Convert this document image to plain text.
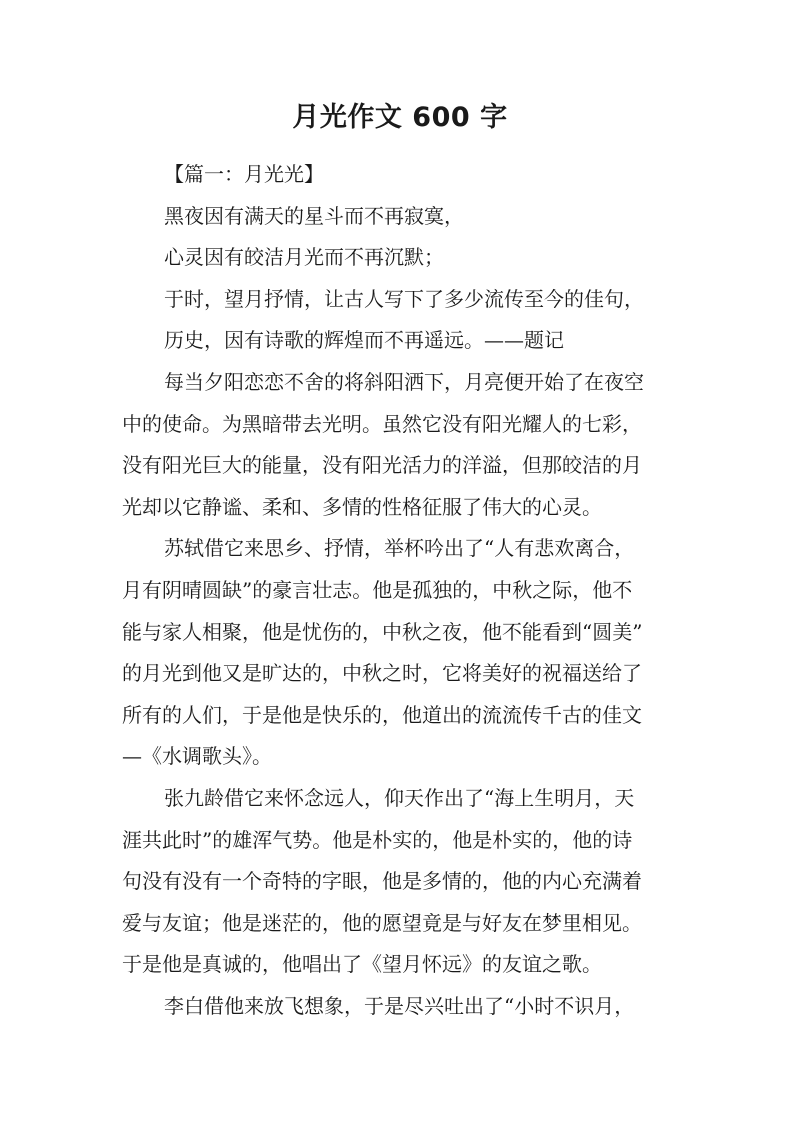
月光作文 600 字
【篇一：月光光】
黑夜因有满天的星斗而不再寂寞，
心灵因有皎洁月光而不再沉默；
于时，望月抒情，让古人写下了多少流传至今的佳句，
历史，因有诗歌的辉煌而不再遥远。——题记
每当夕阳恋恋不舍的将斜阳洒下，月亮便开始了在夜空
中的使命。为黑暗带去光明。虽然它没有阳光耀人的七彩，
没有阳光巨大的能量，没有阳光活力的洋溢，但那皎洁的月
光却以它静谧、柔和、多情的性格征服了伟大的心灵。
苏轼借它来思乡、抒情，举杯吟出了“人有悲欢离合，
月有阴晴圆缺”的豪言壮志。他是孤独的，中秋之际，他不
能与家人相聚，他是忧伤的，中秋之夜，他不能看到“圆美”
的月光到他又是旷达的，中秋之时，它将美好的祝福送给了
所有的人们，于是他是快乐的，他道出的流流传千古的佳文
—《水调歌头》。
张九龄借它来怀念远人，仰天作出了“海上生明月，天
涯共此时”的雄浑气势。他是朴实的，他是朴实的，他的诗
句没有没有一个奇特的字眼，他是多情的，他的内心充满着
爱与友谊；他是迷茫的，他的愿望竟是与好友在梦里相见。
于是他是真诚的，他唱出了《望月怀远》的友谊之歌。
李白借他来放飞想象，于是尽兴吐出了“小时不识月，
